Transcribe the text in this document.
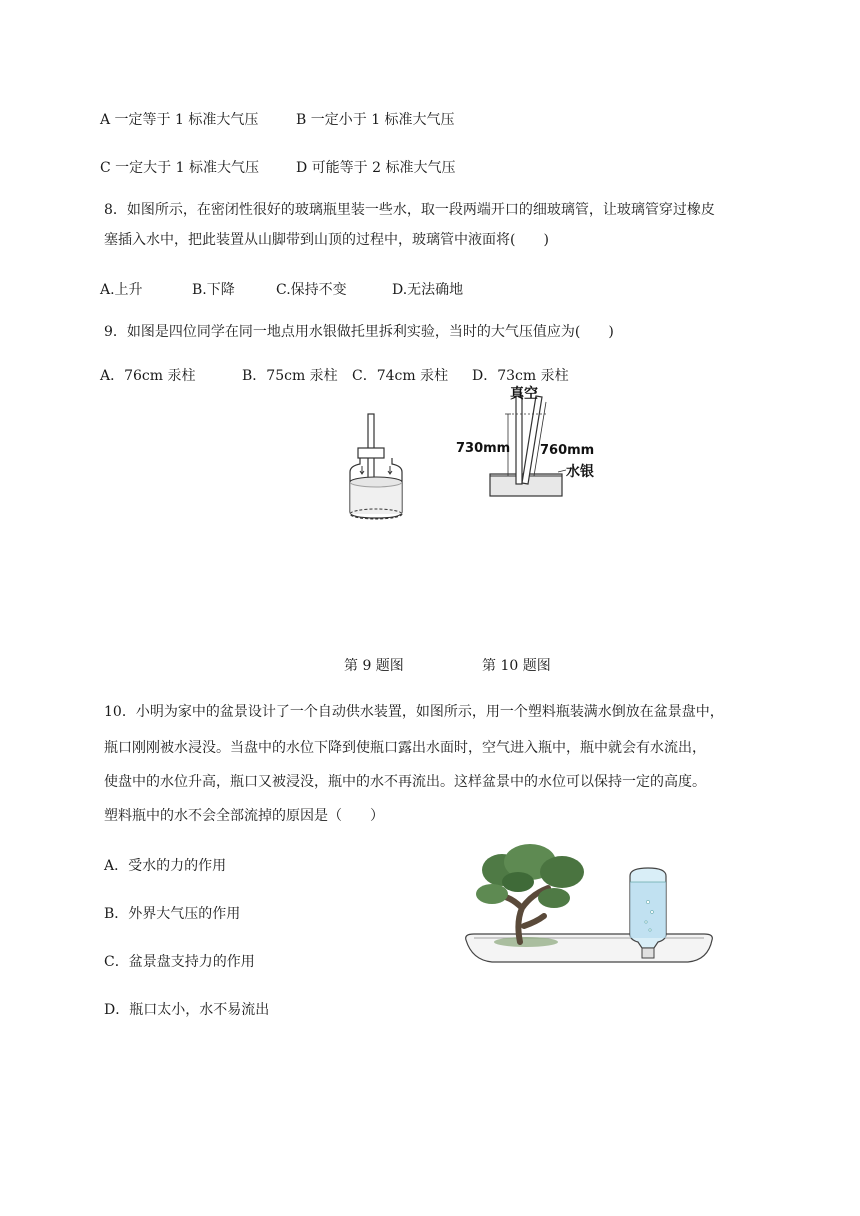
A 一定等于 1 标准大气压	B 一定小于 1 标准大气压
C 一定大于 1 标准大气压	D 可能等于 2 标准大气压
8．如图所示，在密闭性很好的玻璃瓶里装一些水，取一段两端开口的细玻璃管，让玻璃管穿过橡皮
塞插入水中，把此装置从山脚带到山顶的过程中，玻璃管中液面将(　　)
A.上升	B.下降	C.保持不变	D.无法确地
9．如图是四位同学在同一地点用水银做托里拆利实验，当时的大气压值应为(　　)
A．76cm 汞柱	B．75cm 汞柱 C．74cm 汞柱 D．73cm 汞柱
真空
730mm 760mm
水银
第 9 题图	第 10 题图
10．小明为家中的盆景设计了一个自动供水装置，如图所示，用一个塑料瓶装满水倒放在盆景盘中，
瓶口刚刚被水浸没。当盘中的水位下降到使瓶口露出水面时，空气进入瓶中，瓶中就会有水流出，
使盘中的水位升高，瓶口又被浸没，瓶中的水不再流出。这样盆景中的水位可以保持一定的高度。
塑料瓶中的水不会全部流掉的原因是（　　）
A．受水的力的作用
B．外界大气压的作用
C．盆景盘支持力的作用
D．瓶口太小，水不易流出
